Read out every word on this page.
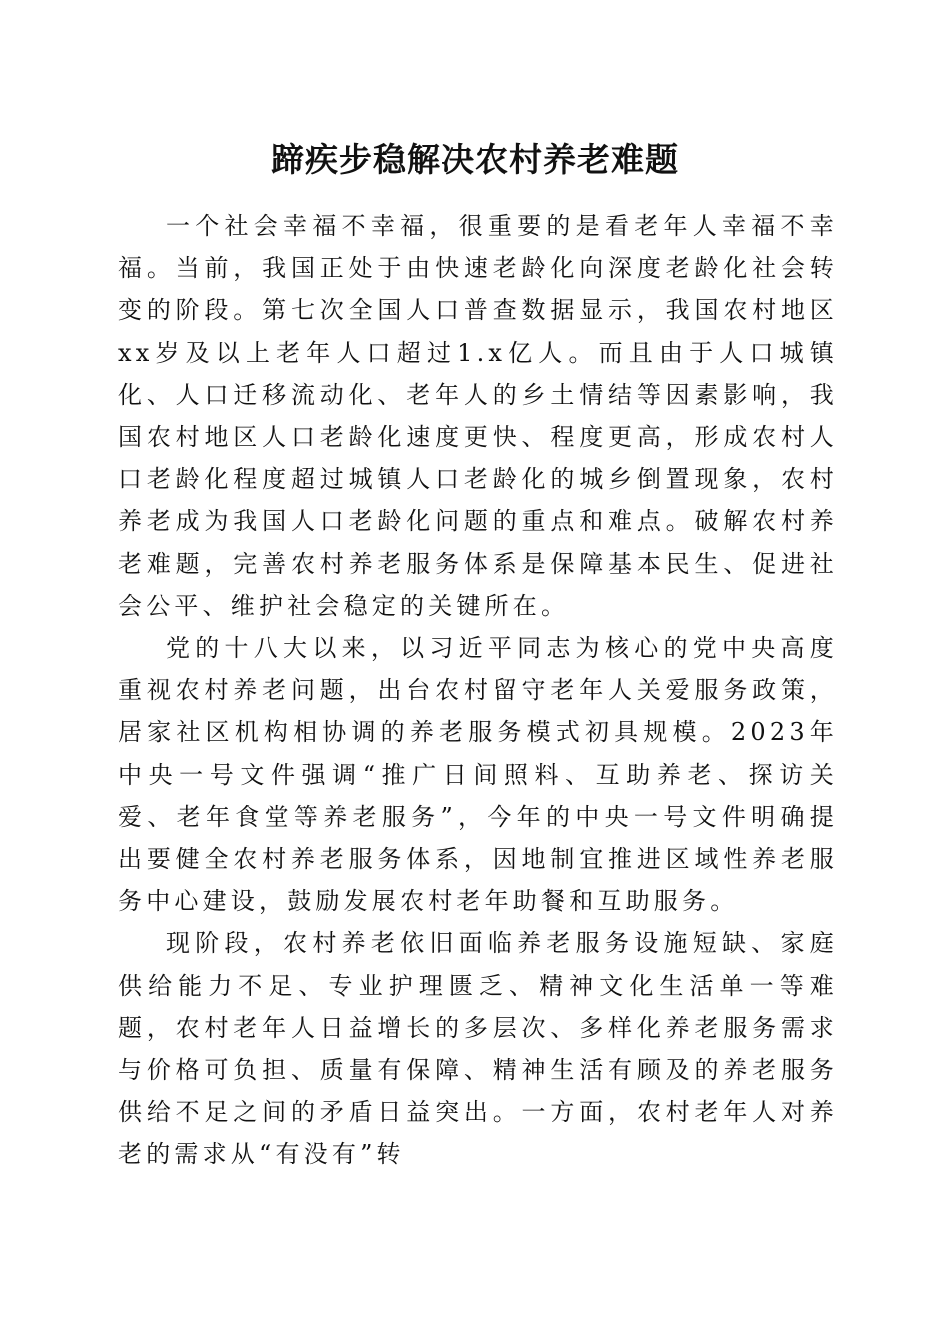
蹄疾步稳解决农村养老难题

一个社会幸福不幸福，很重要的是看老年人幸福不幸福。当前，我国正处于由快速老龄化向深度老龄化社会转变的阶段。第七次全国人口普查数据显示，我国农村地区xx岁及以上老年人口超过1.x亿人。而且由于人口城镇化、人口迁移流动化、老年人的乡土情结等因素影响，我国农村地区人口老龄化速度更快、程度更高，形成农村人口老龄化程度超过城镇人口老龄化的城乡倒置现象，农村养老成为我国人口老龄化问题的重点和难点。破解农村养老难题，完善农村养老服务体系是保障基本民生、促进社会公平、维护社会稳定的关键所在。

党的十八大以来，以习近平同志为核心的党中央高度重视农村养老问题，出台农村留守老年人关爱服务政策，居家社区机构相协调的养老服务模式初具规模。2023年中央一号文件强调“推广日间照料、互助养老、探访关爱、老年食堂等养老服务”，今年的中央一号文件明确提出要健全农村养老服务体系，因地制宜推进区域性养老服务中心建设，鼓励发展农村老年助餐和互助服务。

现阶段，农村养老依旧面临养老服务设施短缺、家庭供给能力不足、专业护理匮乏、精神文化生活单一等难题，农村老年人日益增长的多层次、多样化养老服务需求与价格可负担、质量有保障、精神生活有顾及的养老服务供给不足之间的矛盾日益突出。一方面，农村老年人对养老的需求从“有没有”转
